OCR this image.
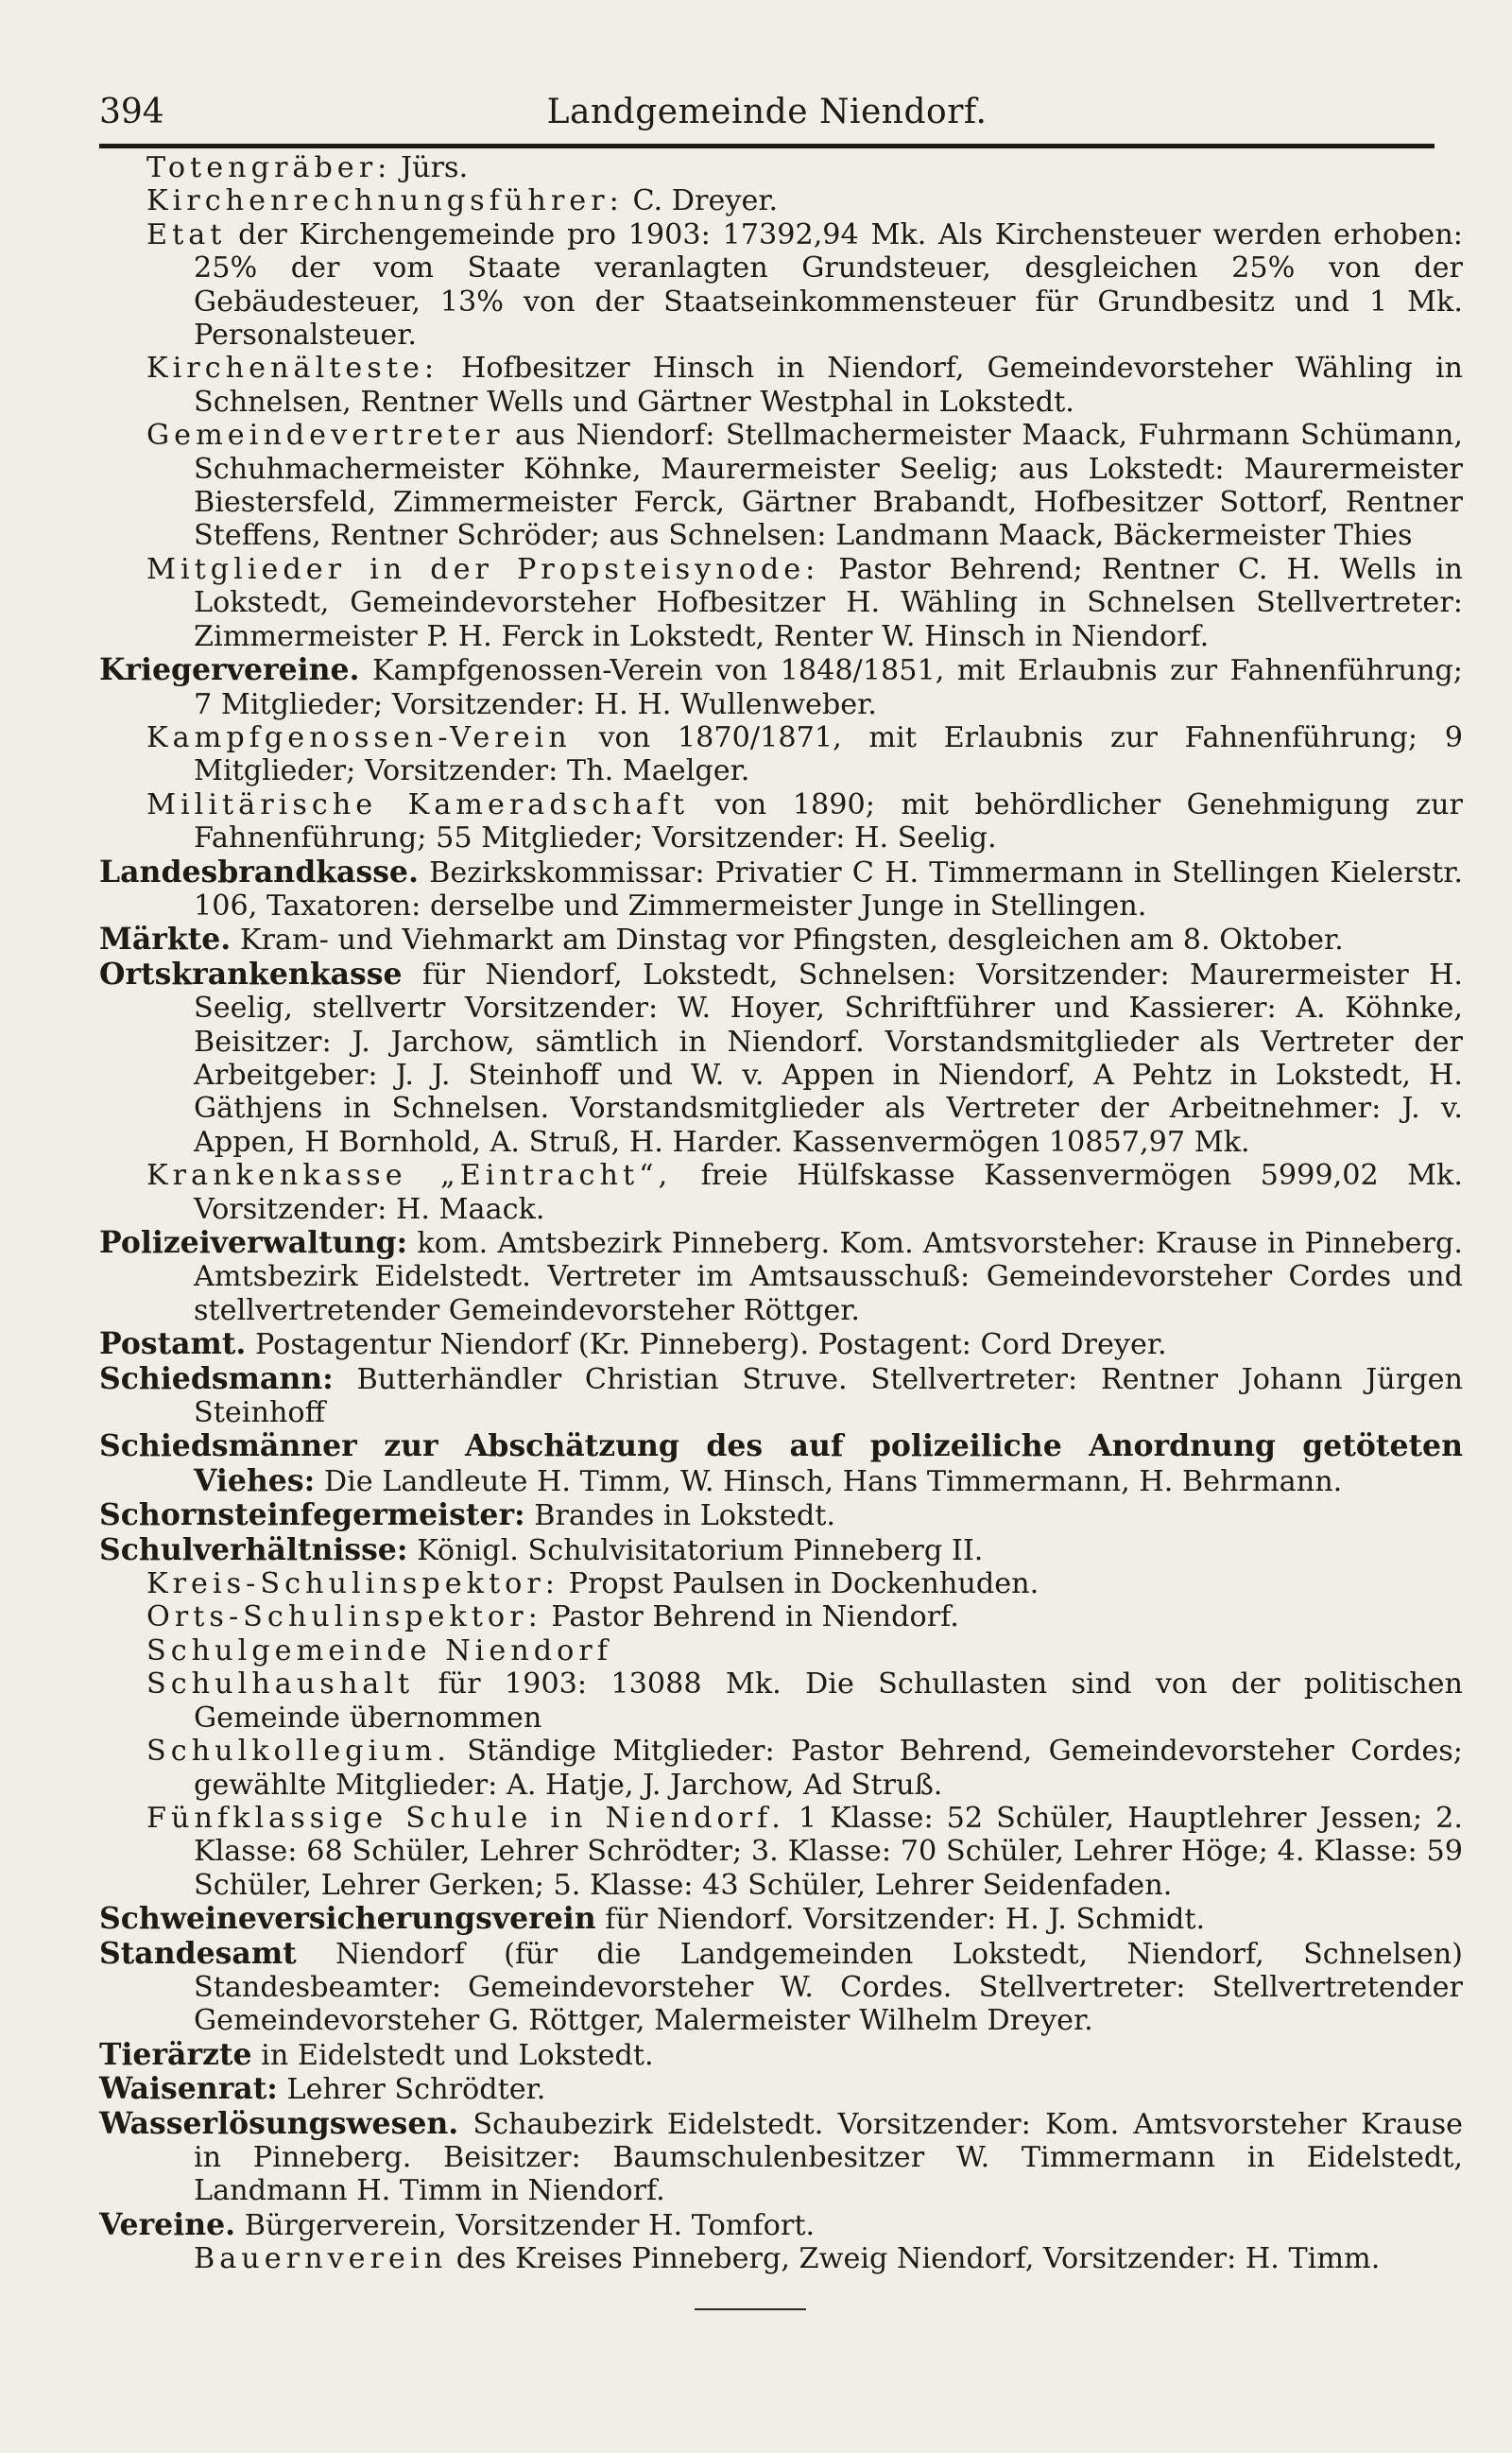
394	Landgemeinde Niendorf.

Totengräber: Jürs.

Kirchenrechnungsführer: C. Dreyer.

Etat der Kirchengemeinde pro 1903: 17392,94 Mk. Als Kirchensteuer werden erhoben: 25% der vom Staate veranlagten Grundsteuer, desgleichen 25% von der Gebäudesteuer, 13% von der Staatseinkommensteuer für Grundbesitz und 1 Mk. Personalsteuer.

Kirchenälteste: Hofbesitzer Hinsch in Niendorf, Gemeindevorsteher Wähling in Schnelsen, Rentner Wells und Gärtner Westphal in Lokstedt.

Gemeindevertreter aus Niendorf: Stellmachermeister Maack, Fuhrmann Schümann, Schuhmachermeister Köhnke, Maurermeister Seelig; aus Lokstedt: Maurermeister Biestersfeld, Zimmermeister Ferck, Gärtner Brabandt, Hofbesitzer Sottorf, Rentner Steffens, Rentner Schröder; aus Schnelsen: Landmann Maack, Bäckermeister Thies

Mitglieder in der Propsteisynode: Pastor Behrend; Rentner C. H. Wells in Lokstedt, Gemeindevorsteher Hofbesitzer H. Wähling in Schnelsen Stellvertreter: Zimmermeister P. H. Ferck in Lokstedt, Renter W. Hinsch in Niendorf.

Kriegervereine. Kampfgenossen-Verein von 1848/1851, mit Erlaubnis zur Fahnenführung; 7 Mitglieder; Vorsitzender: H. H. Wullenweber.

Kampfgenossen-Verein von 1870/1871, mit Erlaubnis zur Fahnenführung; 9 Mitglieder; Vorsitzender: Th. Maelger.

Militärische Kameradschaft von 1890; mit behördlicher Genehmigung zur Fahnenführung; 55 Mitglieder; Vorsitzender: H. Seelig.

Landesbrandkasse. Bezirkskommissar: Privatier C H. Timmermann in Stellingen Kielerstr. 106, Taxatoren: derselbe und Zimmermeister Junge in Stellingen.

Märkte. Kram- und Viehmarkt am Dinstag vor Pfingsten, desgleichen am 8. Oktober.

Ortskrankenkasse für Niendorf, Lokstedt, Schnelsen: Vorsitzender: Maurermeister H. Seelig, stellvertr Vorsitzender: W. Hoyer, Schriftführer und Kassierer: A. Köhnke, Beisitzer: J. Jarchow, sämtlich in Niendorf. Vorstandsmitglieder als Vertreter der Arbeitgeber: J. J. Steinhoff und W. v. Appen in Niendorf, A Pehtz in Lokstedt, H. Gäthjens in Schnelsen. Vorstandsmitglieder als Vertreter der Arbeitnehmer: J. v. Appen, H Bornhold, A. Struß, H. Harder. Kassenvermögen 10857,97 Mk.

Krankenkasse „Eintracht“, freie Hülfskasse Kassenvermögen 5999,02 Mk. Vorsitzender: H. Maack.

Polizeiverwaltung: kom. Amtsbezirk Pinneberg. Kom. Amtsvorsteher: Krause in Pinneberg. Amtsbezirk Eidelstedt. Vertreter im Amtsausschuß: Gemeindevorsteher Cordes und stellvertretender Gemeindevorsteher Röttger.

Postamt. Postagentur Niendorf (Kr. Pinneberg). Postagent: Cord Dreyer.

Schiedsmann: Butterhändler Christian Struve. Stellvertreter: Rentner Johann Jürgen Steinhoff

Schiedsmänner zur Abschätzung des auf polizeiliche Anordnung getöteten Viehes: Die Landleute H. Timm, W. Hinsch, Hans Timmermann, H. Behrmann.

Schornsteinfegermeister: Brandes in Lokstedt.

Schulverhältnisse: Königl. Schulvisitatorium Pinneberg II.

Kreis-Schulinspektor: Propst Paulsen in Dockenhuden.

Orts-Schulinspektor: Pastor Behrend in Niendorf.

Schulgemeinde Niendorf

Schulhaushalt für 1903: 13088 Mk. Die Schullasten sind von der politischen Gemeinde übernommen

Schulkollegium. Ständige Mitglieder: Pastor Behrend, Gemeindevorsteher Cordes; gewählte Mitglieder: A. Hatje, J. Jarchow, Ad Struß.

Fünfklassige Schule in Niendorf. 1 Klasse: 52 Schüler, Hauptlehrer Jessen; 2. Klasse: 68 Schüler, Lehrer Schrödter; 3. Klasse: 70 Schüler, Lehrer Höge; 4. Klasse: 59 Schüler, Lehrer Gerken; 5. Klasse: 43 Schüler, Lehrer Seidenfaden.

Schweineversicherungsverein für Niendorf. Vorsitzender: H. J. Schmidt.

Standesamt Niendorf (für die Landgemeinden Lokstedt, Niendorf, Schnelsen) Standesbeamter: Gemeindevorsteher W. Cordes. Stellvertreter: Stellvertretender Gemeindevorsteher G. Röttger, Malermeister Wilhelm Dreyer.

Tierärzte in Eidelstedt und Lokstedt.

Waisenrat: Lehrer Schrödter.

Wasserlösungswesen. Schaubezirk Eidelstedt. Vorsitzender: Kom. Amtsvorsteher Krause in Pinneberg. Beisitzer: Baumschulenbesitzer W. Timmermann in Eidelstedt, Landmann H. Timm in Niendorf.

Vereine. Bürgerverein, Vorsitzender H. Tomfort.

Bauernverein des Kreises Pinneberg, Zweig Niendorf, Vorsitzender: H. Timm.
